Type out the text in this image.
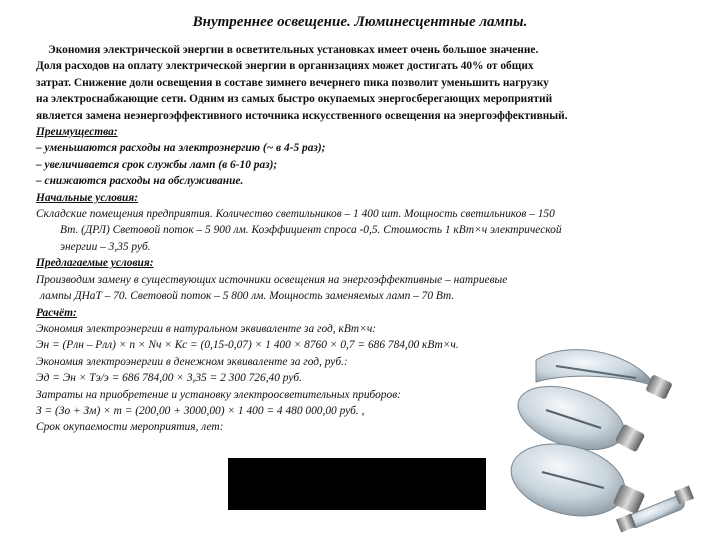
Внутреннее освещение. Люминесцентные лампы.
Экономия электрической энергии в осветительных установках имеет очень большое значение.
Доля расходов на оплату электрической энергии в организациях может достигать 40% от общих
затрат. Снижение доли освещения в составе зимнего вечернего пика позволит уменьшить нагрузку
на электроснабжающие сети. Одним из самых быстро окупаемых энергосберегающих мероприятий
является замена неэнергоэффективного источника искусственного освещения на энергоэффективный.
Преимущества:
– уменьшаются расходы на электроэнергию (~ в 4-5 раз);
– увеличивается срок службы ламп (в 6-10 раз);
– снижаются расходы на обслуживание.
Начальные условия:
Складские помещения предприятия. Количество светильников – 1 400 шт. Мощность светильников – 150
Вт. (ДРЛ) Световой поток – 5 900 лм. Коэффициент спроса -0,5. Стоимость 1 кВт×ч электрической
энергии – 3,35 руб.
Предлагаемые условия:
Производим замену в существующих источники освещения на энергоэффективные – натриевые
лампы ДНаТ – 70. Световой поток – 5 800 лм. Мощность заменяемых ламп – 70 Вт.
Расчёт:
Экономия электроэнергии в натуральном эквиваленте за год, кВт×ч:
Эн = (Рлн – Рлл) × п × Nч × Кс = (0,15-0,07) × 1 400 × 8760 × 0,7 = 686 784,00 кВт×ч.
Экономия электроэнергии в денежном эквиваленте за год, руб.:
Эд = Эн × Тэ/э = 686 784,00 × 3,35 = 2 300 726,40 руб.
Затраты на приобретение и установку электроосветительных приборов:
З = (Зо + Зм) × т = (200,00 + 3000,00) × 1 400 = 4 480 000,00 руб. ,
Срок окупаемости мероприятия, лет:
